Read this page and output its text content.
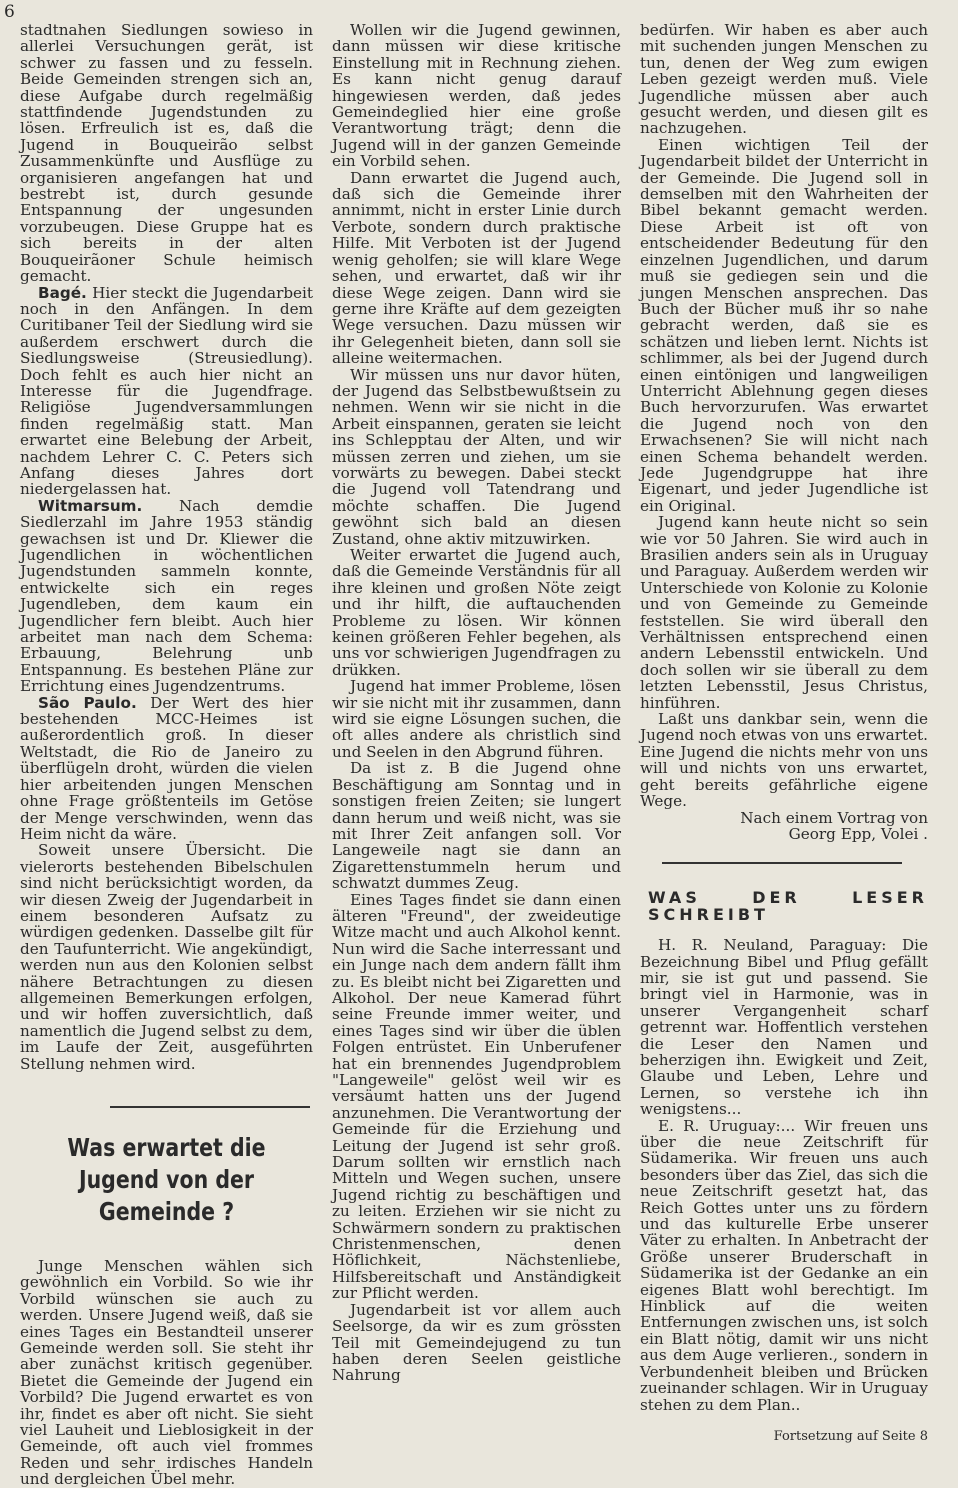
6

stadtnahen Siedlungen sowieso in allerlei Versuchungen gerät, ist schwer zu fassen und zu fesseln. Beide Gemeinden strengen sich an, diese Aufgabe durch regelmäßig stattfindende Jugendstunden zu lösen. Erfreulich ist es, daß die Jugend in Bouqueirão selbst Zusammenkünfte und Ausflüge zu organisieren angefangen hat und bestrebt ist, durch gesunde Entspannung der ungesunden vorzubeugen. Diese Gruppe hat es sich bereits in der alten Bouqueirãoner Schule heimisch gemacht.

Bagé. Hier steckt die Jugendarbeit noch in den Anfängen. In dem Curitibaner Teil der Siedlung wird sie außerdem erschwert durch die Siedlungsweise (Streusiedlung). Doch fehlt es auch hier nicht an Interesse für die Jugendfrage. Religiöse Jugendversammlungen finden regelmäßig statt. Man erwartet eine Belebung der Arbeit, nachdem Lehrer C. C. Peters sich Anfang dieses Jahres dort niedergelassen hat.

Witmarsum. Nach demdie Siedlerzahl im Jahre 1953 ständig gewachsen ist und Dr. Kliewer die Jugendlichen in wöchentlichen Jugendstunden sammeln konnte, entwickelte sich ein reges Jugendleben, dem kaum ein Jugendlicher fern bleibt. Auch hier arbeitet man nach dem Schema: Erbauung, Belehrung unb Entspannung. Es bestehen Pläne zur Errichtung eines Jugendzentrums.

São Paulo. Der Wert des hier bestehenden MCC-Heimes ist außerordentlich groß. In dieser Weltstadt, die Rio de Janeiro zu überflügeln droht, würden die vielen hier arbeitenden jungen Menschen ohne Frage größtenteils im Getöse der Menge verschwinden, wenn das Heim nicht da wäre.

Soweit unsere Übersicht. Die vielerorts bestehenden Bibelschulen sind nicht berücksichtigt worden, da wir diesen Zweig der Jugendarbeit in einem besonderen Aufsatz zu würdigen gedenken. Dasselbe gilt für den Taufunterricht. Wie angekündigt, werden nun aus den Kolonien selbst nähere Betrachtungen zu diesen allgemeinen Bemerkungen erfolgen, und wir hoffen zuversichtlich, daß namentlich die Jugend selbst zu dem, im Laufe der Zeit, ausgeführten Stellung nehmen wird.

Was erwartet die Jugend von der Gemeinde ?

Junge Menschen wählen sich gewöhnlich ein Vorbild. So wie ihr Vorbild wünschen sie auch zu werden. Unsere Jugend weiß, daß sie eines Tages ein Bestandteil unserer Gemeinde werden soll. Sie steht ihr aber zunächst kritisch gegenüber. Bietet die Gemeinde der Jugend ein Vorbild? Die Jugend erwartet es von ihr, findet es aber oft nicht. Sie sieht viel Lauheit und Lieblosigkeit in der Gemeinde, oft auch viel frommes Reden und sehr irdisches Handeln und dergleichen Übel mehr.

Wollen wir die Jugend gewinnen, dann müssen wir diese kritische Einstellung mit in Rechnung ziehen. Es kann nicht genug darauf hingewiesen werden, daß jedes Gemeindeglied hier eine große Verantwortung trägt; denn die Jugend will in der ganzen Gemeinde ein Vorbild sehen.

Dann erwartet die Jugend auch, daß sich die Gemeinde ihrer annimmt, nicht in erster Linie durch Verbote, sondern durch praktische Hilfe. Mit Verboten ist der Jugend wenig geholfen; sie will klare Wege sehen, und erwartet, daß wir ihr diese Wege zeigen. Dann wird sie gerne ihre Kräfte auf dem gezeigten Wege versuchen. Dazu müssen wir ihr Gelegenheit bieten, dann soll sie alleine weitermachen.

Wir müssen uns nur davor hüten, der Jugend das Selbstbewußtsein zu nehmen. Wenn wir sie nicht in die Arbeit einspannen, geraten sie leicht ins Schlepptau der Alten, und wir müssen zerren und ziehen, um sie vorwärts zu bewegen. Dabei steckt die Jugend voll Tatendrang und möchte schaffen. Die Jugend gewöhnt sich bald an diesen Zustand, ohne aktiv mitzuwirken.

Weiter erwartet die Jugend auch, daß die Gemeinde Verständnis für all ihre kleinen und großen Nöte zeigt und ihr hilft, die auftauchenden Probleme zu lösen. Wir können keinen größeren Fehler begehen, als uns vor schwierigen Jugendfragen zu drükken.

Jugend hat immer Probleme, lösen wir sie nicht mit ihr zusammen, dann wird sie eigne Lösungen suchen, die oft alles andere als christlich sind und Seelen in den Abgrund führen.

Da ist z. B die Jugend ohne Beschäftigung am Sonntag und in sonstigen freien Zeiten; sie lungert dann herum und weiß nicht, was sie mit Ihrer Zeit anfangen soll. Vor Langeweile nagt sie dann an Zigarettenstummeln herum und schwatzt dummes Zeug.

Eines Tages findet sie dann einen älteren "Freund", der zweideutige Witze macht und auch Alkohol kennt. Nun wird die Sache interressant und ein Junge nach dem andern fällt ihm zu. Es bleibt nicht bei Zigaretten und Alkohol. Der neue Kamerad führt seine Freunde immer weiter, und eines Tages sind wir über die üblen Folgen entrüstet. Ein Unberufener hat ein brennendes Jugendproblem "Langeweile" gelöst weil wir es versäumt hatten uns der Jugend anzunehmen. Die Verantwortung der Gemeinde für die Erziehung und Leitung der Jugend ist sehr groß. Darum sollten wir ernstlich nach Mitteln und Wegen suchen, unsere Jugend richtig zu beschäftigen und zu leiten. Erziehen wir sie nicht zu Schwärmern sondern zu praktischen Christenmenschen, denen Höflichkeit, Nächstenliebe, Hilfsbereitschaft und Anständigkeit zur Pflicht werden.

Jugendarbeit ist vor allem auch Seelsorge, da wir es zum grössten Teil mit Gemeindejugend zu tun haben deren Seelen geistliche Nahrung

bedürfen. Wir haben es aber auch mit suchenden jungen Menschen zu tun, denen der Weg zum ewigen Leben gezeigt werden muß. Viele Jugendliche müssen aber auch gesucht werden, und diesen gilt es nachzugehen.

Einen wichtigen Teil der Jugendarbeit bildet der Unterricht in der Gemeinde. Die Jugend soll in demselben mit den Wahrheiten der Bibel bekannt gemacht werden. Diese Arbeit ist oft von entscheidender Bedeutung für den einzelnen Jugendlichen, und darum muß sie gediegen sein und die jungen Menschen ansprechen. Das Buch der Bücher muß ihr so nahe gebracht werden, daß sie es schätzen und lieben lernt. Nichts ist schlimmer, als bei der Jugend durch einen eintönigen und langweiligen Unterricht Ablehnung gegen dieses Buch hervorzurufen. Was erwartet die Jugend noch von den Erwachsenen? Sie will nicht nach einen Schema behandelt werden. Jede Jugendgruppe hat ihre Eigenart, und jeder Jugendliche ist ein Original.

Jugend kann heute nicht so sein wie vor 50 Jahren. Sie wird auch in Brasilien anders sein als in Uruguay und Paraguay. Außerdem werden wir Unterschiede von Kolonie zu Kolonie und von Gemeinde zu Gemeinde feststellen. Sie wird überall den Verhältnissen entsprechend einen andern Lebensstil entwickeln. Und doch sollen wir sie überall zu dem letzten Lebensstil, Jesus Christus, hinführen.

Laßt uns dankbar sein, wenn die Jugend noch etwas von uns erwartet. Eine Jugend die nichts mehr von uns will und nichts von uns erwartet, geht bereits gefährliche eigene Wege.

Nach einem Vortrag von
Georg Epp, Volei .
WAS DER LESER SCHREIBT

H. R. Neuland, Paraguay: Die Bezeichnung Bibel und Pflug gefällt mir, sie ist gut und passend. Sie bringt viel in Harmonie, was in unserer Vergangenheit scharf getrennt war. Hoffentlich verstehen die Leser den Namen und beherzigen ihn. Ewigkeit und Zeit, Glaube und Leben, Lehre und Lernen, so verstehe ich ihn wenigstens...

E. R. Uruguay:... Wir freuen uns über die neue Zeitschrift für Südamerika. Wir freuen uns auch besonders über das Ziel, das sich die neue Zeitschrift gesetzt hat, das Reich Gottes unter uns zu fördern und das kulturelle Erbe unserer Väter zu erhalten. In Anbetracht der Größe unserer Bruderschaft in Südamerika ist der Gedanke an ein eigenes Blatt wohl berechtigt. Im Hinblick auf die weiten Entfernungen zwischen uns, ist solch ein Blatt nötig, damit wir uns nicht aus dem Auge verlieren., sondern in Verbundenheit bleiben und Brücken zueinander schlagen. Wir in Uruguay stehen zu dem Plan..

Fortsetzung auf Seite 8
